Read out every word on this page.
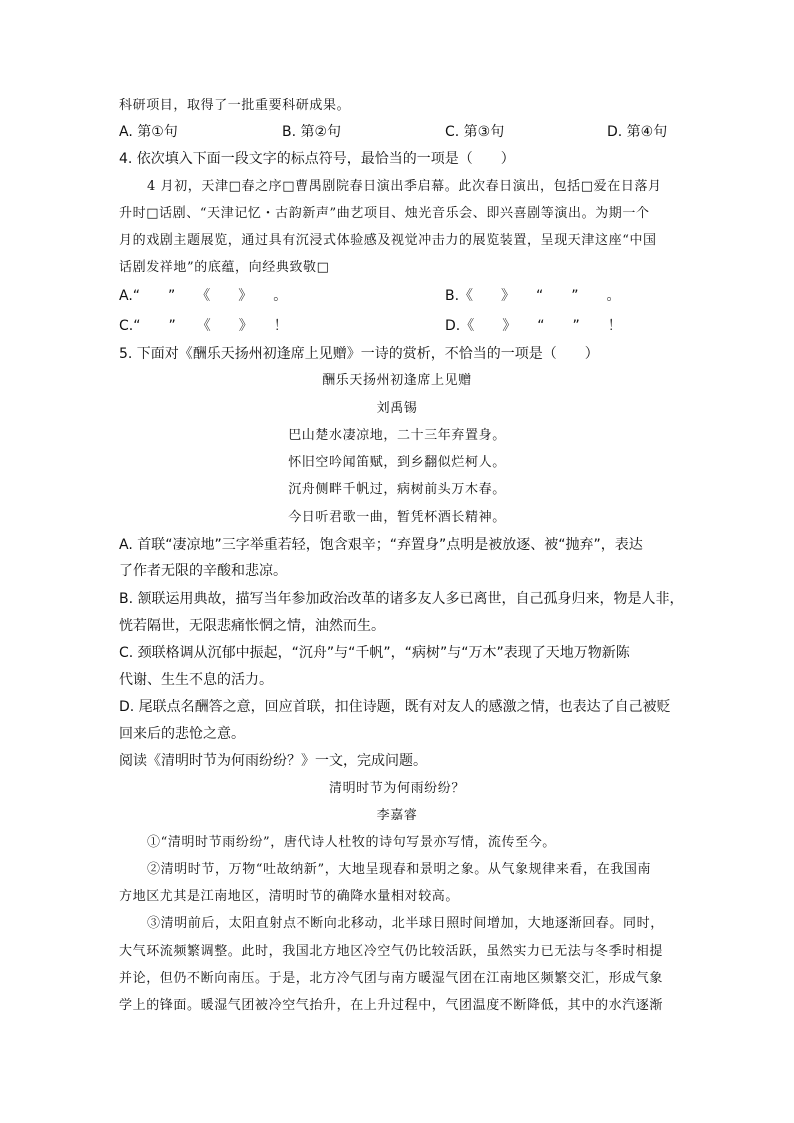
科研项目，取得了一批重要科研成果。
A. 第①句	B. 第②句	C. 第③句	D. 第④句
4. 依次填入下面一段文字的标点符号，最恰当的一项是（　　）
4 月初，天津□春之序□曹禺剧院春日演出季启幕。此次春日演出，包括□爱在日落月
升时□话剧、“天津记忆・古韵新声”曲艺项目、烛光音乐会、即兴喜剧等演出。为期一个
月的戏剧主题展览，通过具有沉浸式体验感及视觉冲击力的展览装置，呈现天津这座“中国
话剧发祥地”的底蕴，向经典致敬□
A.“　　”　　《　　》　　。	B.《　　》　　“　　”　　。
C.“　　”　　《　　》　　！	D.《　　》　　“　　”　　！
5. 下面对《酬乐天扬州初逢席上见赠》一诗的赏析，不恰当的一项是（　　）
酬乐天扬州初逢席上见赠
刘禹锡
巴山楚水凄凉地，二十三年弃置身。
怀旧空吟闻笛赋，到乡翻似烂柯人。
沉舟侧畔千帆过，病树前头万木春。
今日听君歌一曲，暂凭杯酒长精神。
A. 首联“凄凉地”三字举重若轻，饱含艰辛；“弃置身”点明是被放逐、被“抛弃”，表达
了作者无限的辛酸和悲凉。
B. 颔联运用典故，描写当年参加政治改革的诸多友人多已离世，自己孤身归来，物是人非，
恍若隔世，无限悲痛怅惘之情，油然而生。
C. 颈联格调从沉郁中振起，“沉舟”与“千帆”，“病树”与“万木”表现了天地万物新陈
代谢、生生不息的活力。
D. 尾联点名酬答之意，回应首联，扣住诗题，既有对友人的感激之情，也表达了自己被贬
回来后的悲怆之意。
阅读《清明时节为何雨纷纷？》一文，完成问题。
清明时节为何雨纷纷？
李嘉睿
①“清明时节雨纷纷”，唐代诗人杜牧的诗句写景亦写情，流传至今。
②清明时节，万物“吐故纳新”，大地呈现春和景明之象。从气象规律来看，在我国南
方地区尤其是江南地区，清明时节的确降水量相对较高。
③清明前后，太阳直射点不断向北移动，北半球日照时间增加，大地逐渐回春。同时，
大气环流频繁调整。此时，我国北方地区冷空气仍比较活跃，虽然实力已无法与冬季时相提
并论，但仍不断向南压。于是，北方冷气团与南方暖湿气团在江南地区频繁交汇，形成气象
学上的锋面。暖湿气团被冷空气抬升，在上升过程中，气团温度不断降低，其中的水汽逐渐
